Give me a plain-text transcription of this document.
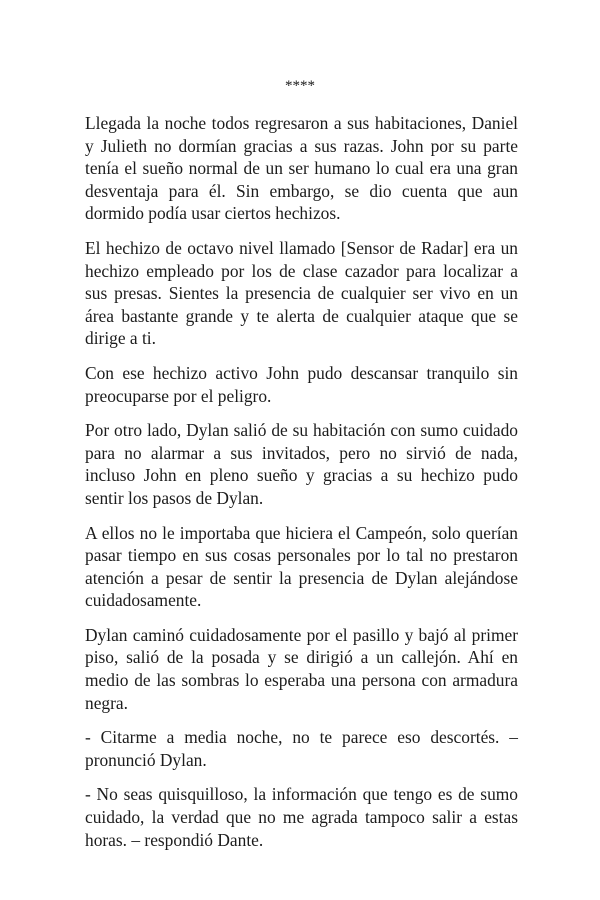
****

Llegada la noche todos regresaron a sus habitaciones, Daniel y Julieth no dormían gracias a sus razas. John por su parte tenía el sueño normal de un ser humano lo cual era una gran desventaja para él. Sin embargo, se dio cuenta que aun dormido podía usar ciertos hechizos.

El hechizo de octavo nivel llamado [Sensor de Radar] era un hechizo empleado por los de clase cazador para localizar a sus presas. Sientes la presencia de cualquier ser vivo en un área bastante grande y te alerta de cualquier ataque que se dirige a ti.

Con ese hechizo activo John pudo descansar tranquilo sin preocuparse por el peligro.

Por otro lado, Dylan salió de su habitación con sumo cuidado para no alarmar a sus invitados, pero no sirvió de nada, incluso John en pleno sueño y gracias a su hechizo pudo sentir los pasos de Dylan.

A ellos no le importaba que hiciera el Campeón, solo querían pasar tiempo en sus cosas personales por lo tal no prestaron atención a pesar de sentir la presencia de Dylan alejándose cuidadosamente.

Dylan caminó cuidadosamente por el pasillo y bajó al primer piso, salió de la posada y se dirigió a un callejón. Ahí en medio de las sombras lo esperaba una persona con armadura negra.

- Citarme a media noche, no te parece eso descortés. – pronunció Dylan.

- No seas quisquilloso, la información que tengo es de sumo cuidado, la verdad que no me agrada tampoco salir a estas horas. – respondió Dante.
